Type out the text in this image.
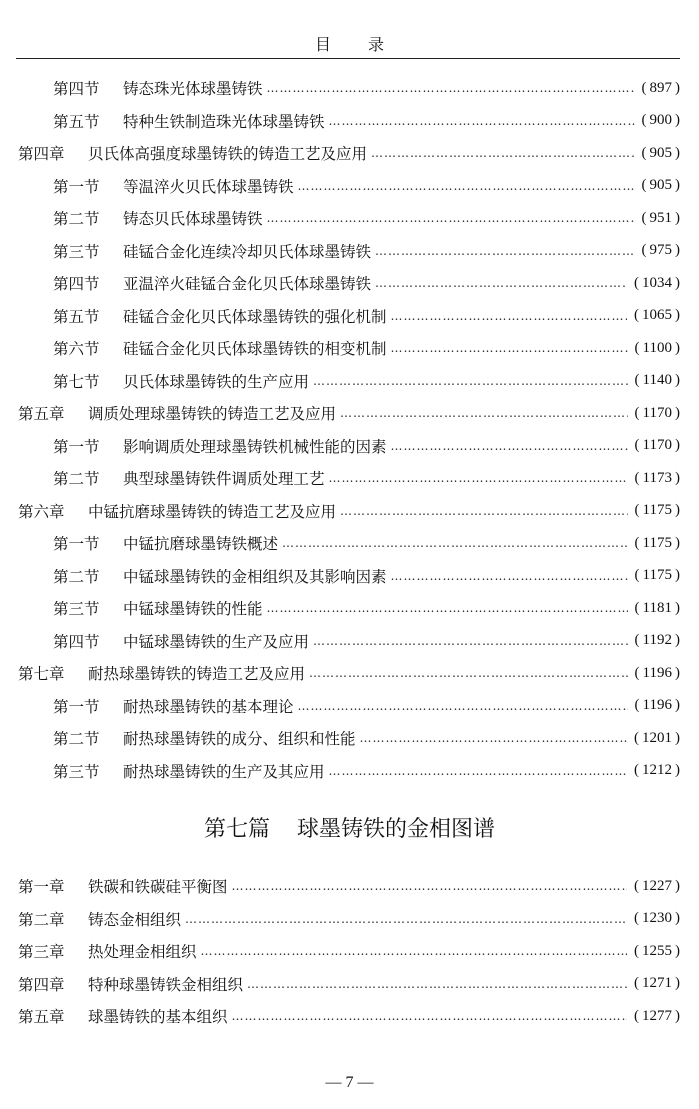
目 录
第四节 铸态珠光体球墨铸铁 ……………………………………………………………………………………………………………………………………………………	( 897 )
第五节 特种生铁制造珠光体球墨铸铁 ……………………………………………………………………………………………………………………………………………………	( 900 )
第四章 贝氏体高强度球墨铸铁的铸造工艺及应用 ……………………………………………………………………………………………………………………………………………………	( 905 )
第一节 等温淬火贝氏体球墨铸铁 ……………………………………………………………………………………………………………………………………………………	( 905 )
第二节 铸态贝氏体球墨铸铁 ……………………………………………………………………………………………………………………………………………………	( 951 )
第三节 硅锰合金化连续冷却贝氏体球墨铸铁 ……………………………………………………………………………………………………………………………………………………	( 975 )
第四节 亚温淬火硅锰合金化贝氏体球墨铸铁 ……………………………………………………………………………………………………………………………………………………	( 1034 )
第五节 硅锰合金化贝氏体球墨铸铁的强化机制 ……………………………………………………………………………………………………………………………………………………	( 1065 )
第六节 硅锰合金化贝氏体球墨铸铁的相变机制 ……………………………………………………………………………………………………………………………………………………	( 1100 )
第七节 贝氏体球墨铸铁的生产应用 ……………………………………………………………………………………………………………………………………………………	( 1140 )
第五章 调质处理球墨铸铁的铸造工艺及应用 ……………………………………………………………………………………………………………………………………………………	( 1170 )
第一节 影响调质处理球墨铸铁机械性能的因素 ……………………………………………………………………………………………………………………………………………………	( 1170 )
第二节 典型球墨铸铁件调质处理工艺 ……………………………………………………………………………………………………………………………………………………	( 1173 )
第六章 中锰抗磨球墨铸铁的铸造工艺及应用 ……………………………………………………………………………………………………………………………………………………	( 1175 )
第一节 中锰抗磨球墨铸铁概述 ……………………………………………………………………………………………………………………………………………………	( 1175 )
第二节 中锰球墨铸铁的金相组织及其影响因素 ……………………………………………………………………………………………………………………………………………………	( 1175 )
第三节 中锰球墨铸铁的性能 ……………………………………………………………………………………………………………………………………………………	( 1181 )
第四节 中锰球墨铸铁的生产及应用 ……………………………………………………………………………………………………………………………………………………	( 1192 )
第七章 耐热球墨铸铁的铸造工艺及应用 ……………………………………………………………………………………………………………………………………………………	( 1196 )
第一节 耐热球墨铸铁的基本理论 ……………………………………………………………………………………………………………………………………………………	( 1196 )
第二节 耐热球墨铸铁的成分、组织和性能 ……………………………………………………………………………………………………………………………………………………	( 1201 )
第三节 耐热球墨铸铁的生产及其应用 ……………………………………………………………………………………………………………………………………………………	( 1212 )
第七篇 球墨铸铁的金相图谱
第一章 铁碳和铁碳硅平衡图 ……………………………………………………………………………………………………………………………………………………	( 1227 )
第二章 铸态金相组织 ……………………………………………………………………………………………………………………………………………………	( 1230 )
第三章 热处理金相组织 ……………………………………………………………………………………………………………………………………………………	( 1255 )
第四章 特种球墨铸铁金相组织 ……………………………………………………………………………………………………………………………………………………	( 1271 )
第五章 球墨铸铁的基本组织 ……………………………………………………………………………………………………………………………………………………	( 1277 )
— 7 —
